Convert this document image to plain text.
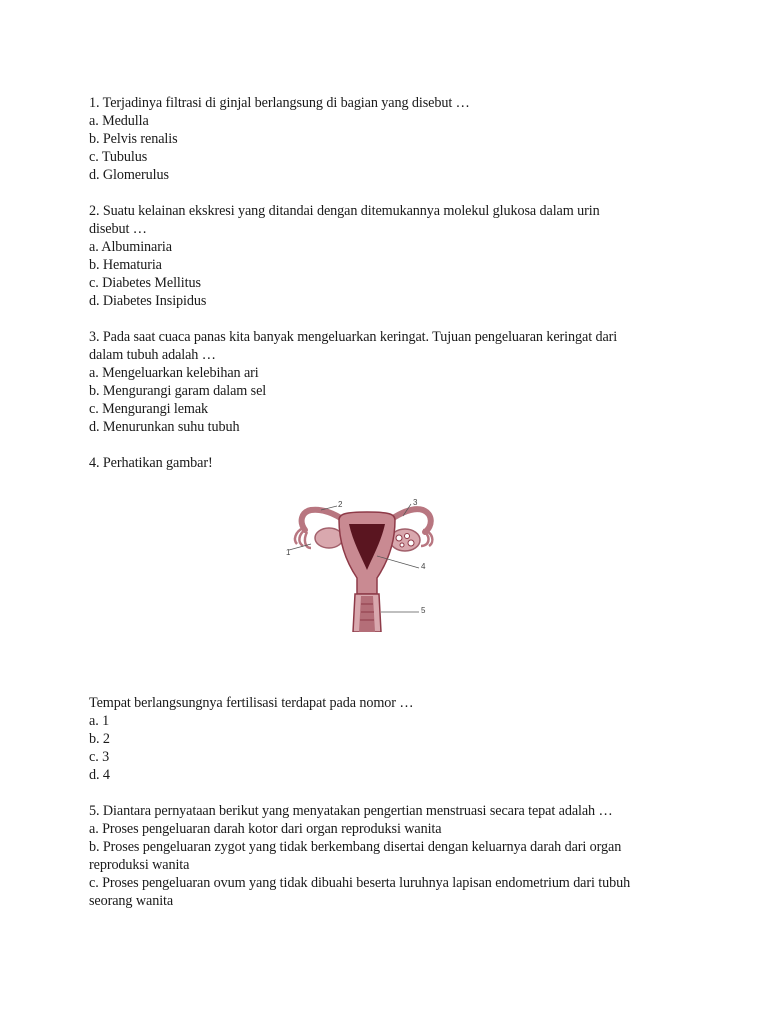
1. Terjadinya filtrasi di ginjal berlangsung di bagian yang disebut …
a. Medulla
b. Pelvis renalis
c. Tubulus
d. Glomerulus
2. Suatu kelainan ekskresi yang ditandai dengan ditemukannya molekul glukosa dalam urin
disebut …
a. Albuminaria
b. Hematuria
c. Diabetes Mellitus
d. Diabetes Insipidus
3. Pada saat cuaca panas kita banyak mengeluarkan keringat. Tujuan pengeluaran keringat dari
dalam tubuh adalah …
a. Mengeluarkan kelebihan ari
b. Mengurangi garam dalam sel
c. Mengurangi lemak
d. Menurunkan suhu tubuh
4. Perhatikan gambar!
1
2	3
4
5
Tempat berlangsungnya fertilisasi terdapat pada nomor …
a. 1
b. 2
c. 3
d. 4
5. Diantara pernyataan berikut yang menyatakan pengertian menstruasi secara tepat adalah …
a. Proses pengeluaran darah kotor dari organ reproduksi wanita
b. Proses pengeluaran zygot yang tidak berkembang disertai dengan keluarnya darah dari organ
reproduksi wanita
c. Proses pengeluaran ovum yang tidak dibuahi beserta luruhnya lapisan endometrium dari tubuh
seorang wanita
